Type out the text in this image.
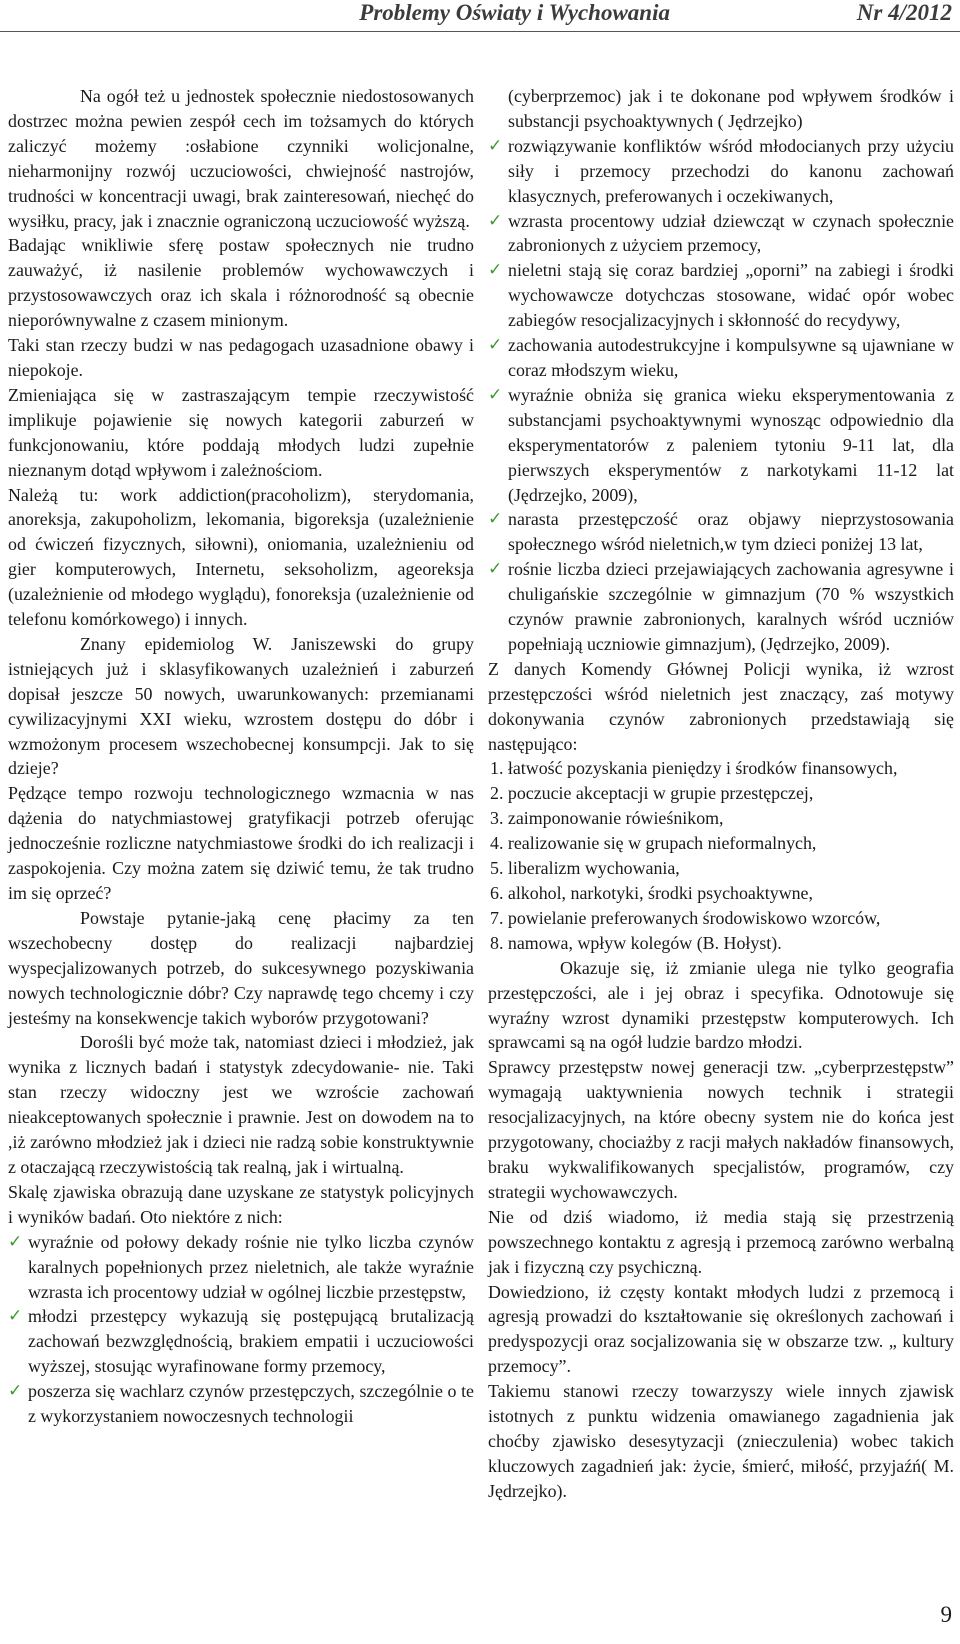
Problemy Oświaty i Wychowania	Nr 4/2012

Na ogół też u jednostek społecznie niedostosowanych dostrzec można pewien zespół cech im tożsamych do których zaliczyć możemy :osłabione czynniki wolicjonalne, nieharmonijny rozwój uczuciowości, chwiejność nastrojów, trudności w koncentracji uwagi, brak zainteresowań, niechęć do wysiłku, pracy, jak i znacznie ograniczoną uczuciowość wyższą.

Badając wnikliwie sferę postaw społecznych nie trudno zauważyć, iż nasilenie problemów wychowawczych i przystosowawczych oraz ich skala i różnorodność są obecnie nieporównywalne z czasem minionym.

Taki stan rzeczy budzi w nas pedagogach uzasadnione obawy i niepokoje.

Zmieniająca się w zastraszającym tempie rzeczywistość implikuje pojawienie się nowych kategorii zaburzeń w funkcjonowaniu, które poddają młodych ludzi zupełnie nieznanym dotąd wpływom i zależnościom.

Należą tu: work addiction(pracoholizm), sterydomania, anoreksja, zakupoholizm, lekomania, bigoreksja (uzależnienie od ćwiczeń fizycznych, siłowni), oniomania, uzależnieniu od gier komputerowych, Internetu, seksoholizm, ageoreksja (uzależnienie od młodego wyglądu), fonoreksja (uzależnienie od telefonu komórkowego) i innych.

Znany epidemiolog W. Janiszewski do grupy istniejących już i sklasyfikowanych uzależnień i zaburzeń dopisał jeszcze 50 nowych, uwarunkowanych: przemianami cywilizacyjnymi XXI wieku, wzrostem dostępu do dóbr i wzmożonym procesem wszechobecnej konsumpcji. Jak to się dzieje?

Pędzące tempo rozwoju technologicznego wzmacnia w nas dążenia do natychmiastowej gratyfikacji potrzeb oferując jednocześnie rozliczne natychmiastowe środki do ich realizacji i zaspokojenia. Czy można zatem się dziwić temu, że tak trudno im się oprzeć?

Powstaje pytanie-jaką cenę płacimy za ten wszechobecny dostęp do realizacji najbardziej wyspecjalizowanych potrzeb, do sukcesywnego pozyskiwania nowych technologicznie dóbr? Czy naprawdę tego chcemy i czy jesteśmy na konsekwencje takich wyborów przygotowani?

Dorośli być może tak, natomiast dzieci i młodzież, jak wynika z licznych badań i statystyk zdecydowanie- nie. Taki stan rzeczy widoczny jest we wzroście zachowań nieakceptowanych społecznie i prawnie. Jest on dowodem na to ,iż zarówno młodzież jak i dzieci nie radzą sobie konstruktywnie z otaczającą rzeczywistością tak realną, jak i wirtualną.

Skalę zjawiska obrazują dane uzyskane ze statystyk policyjnych i wyników badań. Oto niektóre z nich:

✓ wyraźnie od połowy dekady rośnie nie tylko liczba czynów karalnych popełnionych przez nieletnich, ale także wyraźnie wzrasta ich procentowy udział w ogólnej liczbie przestępstw,
✓ młodzi przestępcy wykazują się postępującą brutalizacją zachowań bezwzględnością, brakiem empatii i uczuciowości wyższej, stosując wyrafinowane formy przemocy,
✓ poszerza się wachlarz czynów przestępczych, szczególnie o te z wykorzystaniem nowoczesnych technologii

(cyberprzemoc) jak i te dokonane pod wpływem środków i substancji psychoaktywnych ( Jędrzejko)

✓ rozwiązywanie konfliktów wśród młodocianych przy użyciu siły i przemocy przechodzi do kanonu zachowań klasycznych, preferowanych i oczekiwanych,
✓ wzrasta procentowy udział dziewcząt w czynach społecznie zabronionych z użyciem przemocy,
✓ nieletni stają się coraz bardziej „oporni” na zabiegi i środki wychowawcze dotychczas stosowane, widać opór wobec zabiegów resocjalizacyjnych i skłonność do recydywy,
✓ zachowania autodestrukcyjne i kompulsywne są ujawniane w coraz młodszym wieku,
✓ wyraźnie obniża się granica wieku eksperymentowania z substancjami psychoaktywnymi wynosząc odpowiednio dla eksperymentatorów z paleniem tytoniu 9-11 lat, dla pierwszych eksperymentów z narkotykami 11-12 lat (Jędrzejko, 2009),
✓ narasta przestępczość oraz objawy nieprzystosowania społecznego wśród nieletnich,w tym dzieci poniżej 13 lat,
✓ rośnie liczba dzieci przejawiających zachowania agresywne i chuligańskie szczególnie w gimnazjum (70 % wszystkich czynów prawnie zabronionych, karalnych wśród uczniów popełniają uczniowie gimnazjum), (Jędrzejko, 2009).

Z danych Komendy Głównej Policji wynika, iż wzrost przestępczości wśród nieletnich jest znaczący, zaś motywy dokonywania czynów zabronionych przedstawiają się następująco:

1. łatwość pozyskania pieniędzy i środków finansowych,

2. poczucie akceptacji w grupie przestępczej,

3. zaimponowanie rówieśnikom,

4. realizowanie się w grupach nieformalnych,

5. liberalizm wychowania,

6. alkohol, narkotyki, środki psychoaktywne,

7. powielanie preferowanych środowiskowo wzorców,

8. namowa, wpływ kolegów (B. Hołyst).

Okazuje się, iż zmianie ulega nie tylko geografia przestępczości, ale i jej obraz i specyfika. Odnotowuje się wyraźny wzrost dynamiki przestępstw komputerowych. Ich sprawcami są na ogół ludzie bardzo młodzi.

Sprawcy przestępstw nowej generacji tzw. „cyberprzestępstw” wymagają uaktywnienia nowych technik i strategii resocjalizacyjnych, na które obecny system nie do końca jest przygotowany, chociażby z racji małych nakładów finansowych, braku wykwalifikowanych specjalistów, programów, czy strategii wychowawczych.

Nie od dziś wiadomo, iż media stają się przestrzenią powszechnego kontaktu z agresją i przemocą zarówno werbalną jak i fizyczną czy psychiczną.

Dowiedziono, iż częsty kontakt młodych ludzi z przemocą i agresją prowadzi do kształtowanie się określonych zachowań i predyspozycji oraz socjalizowania się w obszarze tzw. „ kultury przemocy”.

Takiemu stanowi rzeczy towarzyszy wiele innych zjawisk istotnych z punktu widzenia omawianego zagadnienia jak choćby zjawisko desesytyzacji (znieczulenia) wobec takich kluczowych zagadnień jak: życie, śmierć, miłość, przyjaźń( M. Jędrzejko).

9
